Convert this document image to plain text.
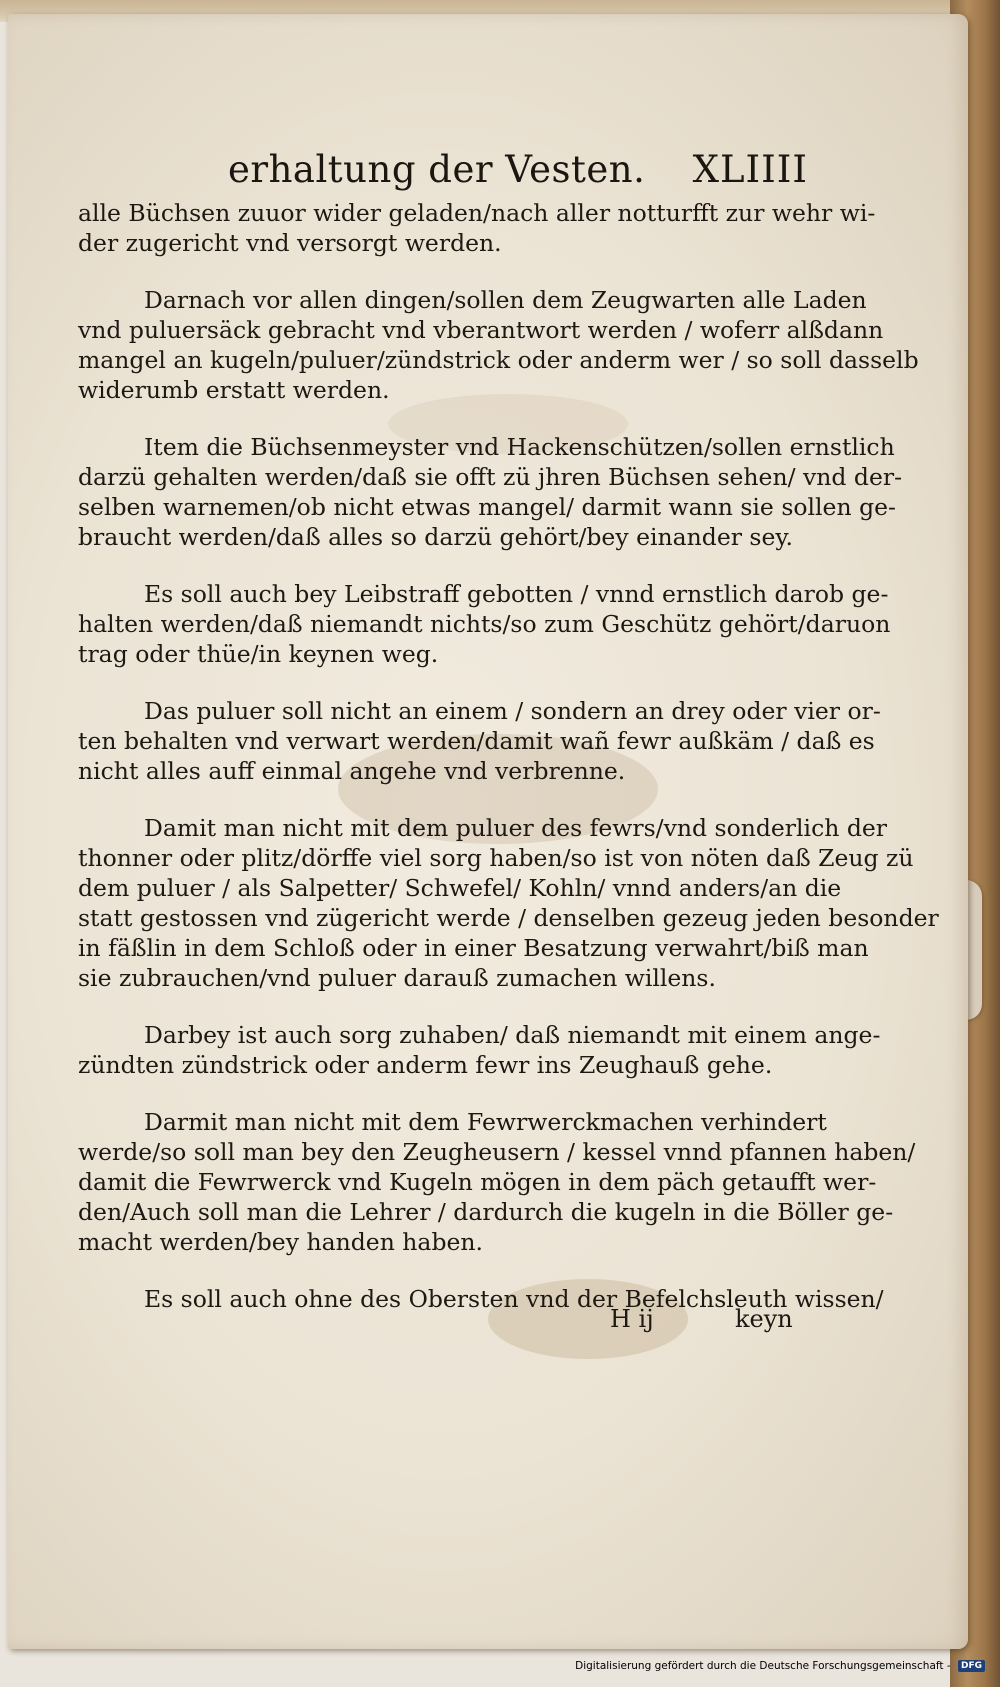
erhaltung der Vesten. XLIIII
alle Büchsen zuuor wider geladen/nach aller notturfft zur wehr wi-
der zugericht vnd versorgt werden.
Darnach vor allen dingen/sollen dem Zeugwarten alle Laden
vnd puluersäck gebracht vnd vberantwort werden / woferr alßdann
mangel an kugeln/puluer/zündstrick oder anderm wer / so soll dasselb
widerumb erstatt werden.
Item die Büchsenmeyster vnd Hackenschützen/sollen ernstlich
darzü gehalten werden/daß sie offt zü jhren Büchsen sehen/ vnd der-
selben warnemen/ob nicht etwas mangel/ darmit wann sie sollen ge-
braucht werden/daß alles so darzü gehört/bey einander sey.
Es soll auch bey Leibstraff gebotten / vnnd ernstlich darob ge-
halten werden/daß niemandt nichts/so zum Geschütz gehört/daruon
trag oder thüe/in keynen weg.
Das puluer soll nicht an einem / sondern an drey oder vier or-
ten behalten vnd verwart werden/damit wañ fewr außkäm / daß es
nicht alles auff einmal angehe vnd verbrenne.
Damit man nicht mit dem puluer des fewrs/vnd sonderlich der
thonner oder plitz/dörffe viel sorg haben/so ist von nöten daß Zeug zü
dem puluer / als Salpetter/ Schwefel/ Kohln/ vnnd anders/an die
statt gestossen vnd zügericht werde / denselben gezeug jeden besonder
in fäßlin in dem Schloß oder in einer Besatzung verwahrt/biß man
sie zubrauchen/vnd puluer darauß zumachen willens.
Darbey ist auch sorg zuhaben/ daß niemandt mit einem ange-
zündten zündstrick oder anderm fewr ins Zeughauß gehe.
Darmit man nicht mit dem Fewrwerckmachen verhindert
werde/so soll man bey den Zeugheusern / kessel vnnd pfannen haben/
damit die Fewrwerck vnd Kugeln mögen in dem päch getaufft wer-
den/Auch soll man die Lehrer / dardurch die kugeln in die Böller ge-
macht werden/bey handen haben.
Es soll auch ohne des Obersten vnd der Befelchsleuth wissen/
H ij	keyn
Digitalisierung gefördert durch die Deutsche Forschungsgemeinschaft - DFG
